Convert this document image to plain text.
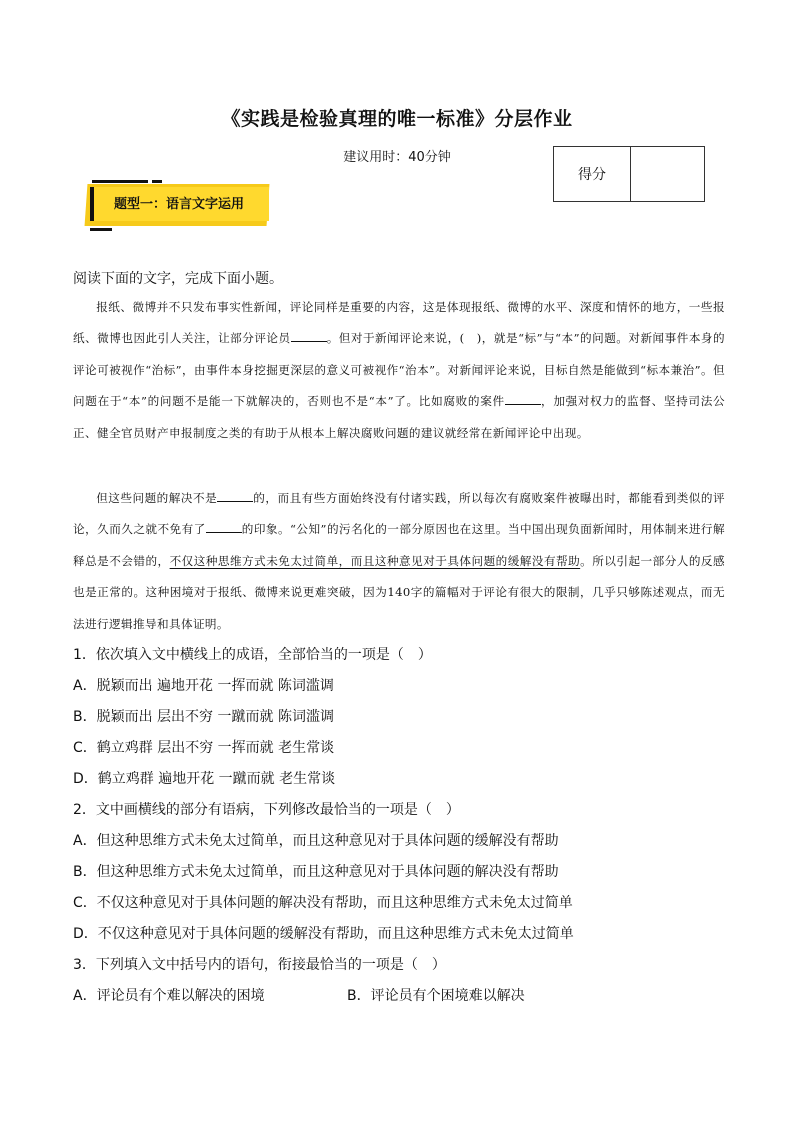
《实践是检验真理的唯一标准》分层作业
建议用时：40分钟
得分
题型一：语言文字运用
阅读下面的文字，完成下面小题。

报纸、微博并不只发布事实性新闻，评论同样是重要的内容，这是体现报纸、微博的水平、深度和情怀的地方，一些报纸、微博也因此引人关注，让部分评论员	。但对于新闻评论来说，(　)，就是“标”与“本”的问题。对新闻事件本身的评论可被视作“治标”，由事件本身挖掘更深层的意义可被视作“治本”。对新闻评论来说，目标自然是能做到“标本兼治”。但问题在于“本”的问题不是能一下就解决的，否则也不是“本”了。比如腐败的案件	，加强对权力的监督、坚持司法公正、健全官员财产申报制度之类的有助于从根本上解决腐败问题的建议就经常在新闻评论中出现。

但这些问题的解决不是	的，而且有些方面始终没有付诸实践，所以每次有腐败案件被曝出时，都能看到类似的评论，久而久之就不免有了	的印象。“公知”的污名化的一部分原因也在这里。当中国出现负面新闻时，用体制来进行解释总是不会错的，不仅这种思维方式未免太过简单，而且这种意见对于具体问题的缓解没有帮助。所以引起一部分人的反感也是正常的。这种困境对于报纸、微博来说更难突破，因为140字的篇幅对于评论有很大的限制，几乎只够陈述观点，而无法进行逻辑推导和具体证明。

1．依次填入文中横线上的成语，全部恰当的一项是（　）
A．脱颖而出 遍地开花 一挥而就 陈词滥调
B．脱颖而出 层出不穷 一蹴而就 陈词滥调
C．鹤立鸡群 层出不穷 一挥而就 老生常谈
D．鹤立鸡群 遍地开花 一蹴而就 老生常谈
2．文中画横线的部分有语病，下列修改最恰当的一项是（　）
A．但这种思维方式未免太过简单，而且这种意见对于具体问题的缓解没有帮助
B．但这种思维方式未免太过简单，而且这种意见对于具体问题的解决没有帮助
C．不仅这种意见对于具体问题的解决没有帮助，而且这种思维方式未免太过简单
D．不仅这种意见对于具体问题的缓解没有帮助，而且这种思维方式未免太过简单
3．下列填入文中括号内的语句，衔接最恰当的一项是（　）
A．评论员有个难以解决的困境	B．评论员有个困境难以解决
